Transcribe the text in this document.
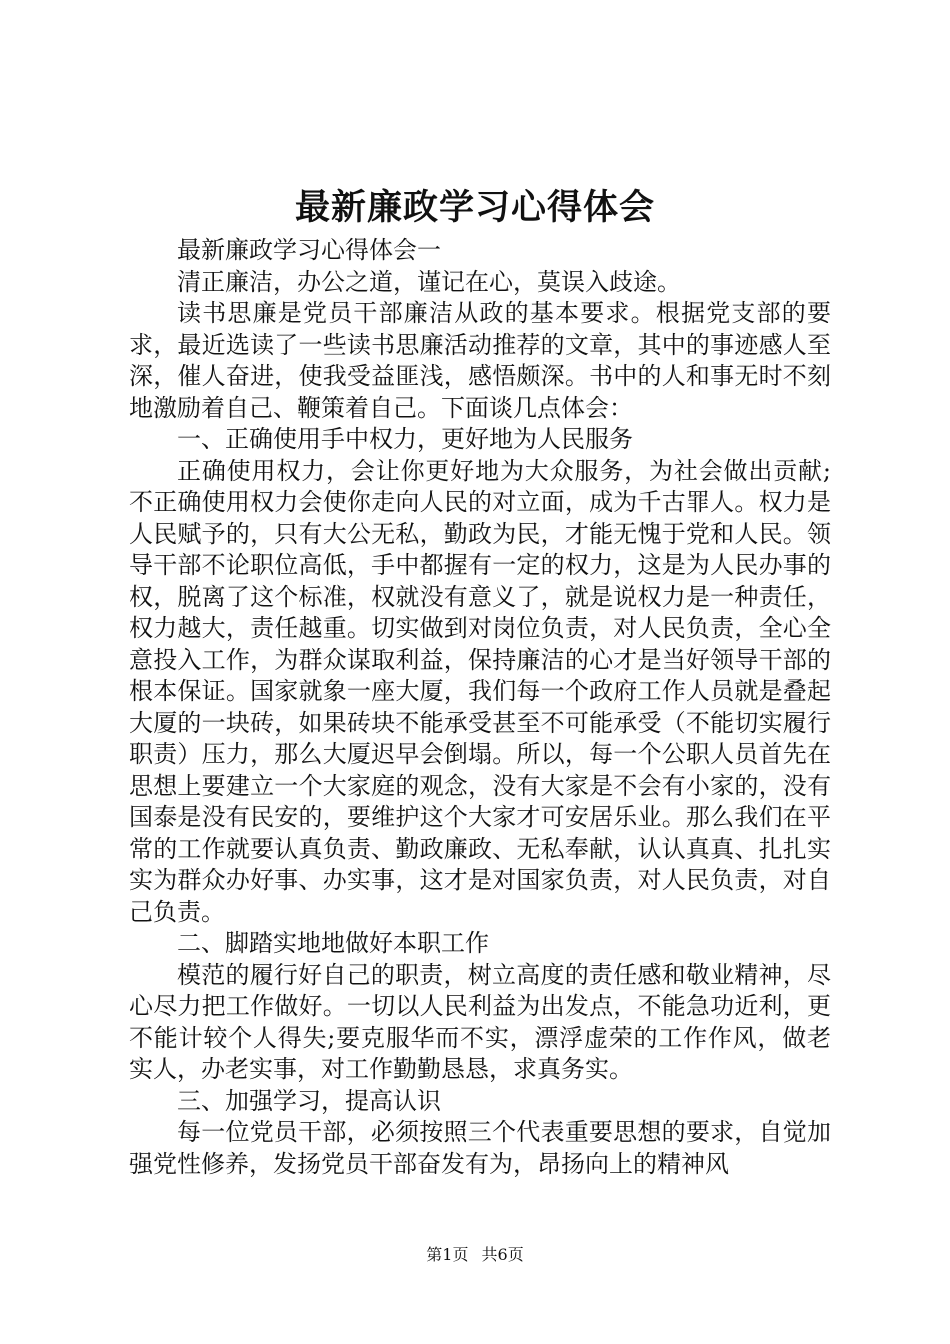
最新廉政学习心得体会

最新廉政学习心得体会一

清正廉洁，办公之道，谨记在心，莫误入歧途。

读书思廉是党员干部廉洁从政的基本要求。根据党支部的要求，最近选读了一些读书思廉活动推荐的文章，其中的事迹感人至深，催人奋进，使我受益匪浅，感悟颇深。书中的人和事无时不刻地激励着自己、鞭策着自己。下面谈几点体会：

一、正确使用手中权力，更好地为人民服务

正确使用权力，会让你更好地为大众服务，为社会做出贡献;不正确使用权力会使你走向人民的对立面，成为千古罪人。权力是人民赋予的，只有大公无私，勤政为民，才能无愧于党和人民。领导干部不论职位高低，手中都握有一定的权力，这是为人民办事的权，脱离了这个标准，权就没有意义了，就是说权力是一种责任，权力越大，责任越重。切实做到对岗位负责，对人民负责，全心全意投入工作，为群众谋取利益，保持廉洁的心才是当好领导干部的根本保证。国家就象一座大厦，我们每一个政府工作人员就是叠起大厦的一块砖，如果砖块不能承受甚至不可能承受（不能切实履行职责）压力，那么大厦迟早会倒塌。所以，每一个公职人员首先在思想上要建立一个大家庭的观念，没有大家是不会有小家的，没有国泰是没有民安的，要维护这个大家才可安居乐业。那么我们在平常的工作就要认真负责、勤政廉政、无私奉献，认认真真、扎扎实实为群众办好事、办实事，这才是对国家负责，对人民负责，对自己负责。

二、脚踏实地地做好本职工作

模范的履行好自己的职责，树立高度的责任感和敬业精神，尽心尽力把工作做好。一切以人民利益为出发点，不能急功近利，更不能计较个人得失;要克服华而不实，漂浮虚荣的工作作风，做老实人，办老实事，对工作勤勤恳恳，求真务实。

三、加强学习，提高认识

每一位党员干部，必须按照三个代表重要思想的要求，自觉加强党性修养，发扬党员干部奋发有为，昂扬向上的精神风

第1页 共6页
